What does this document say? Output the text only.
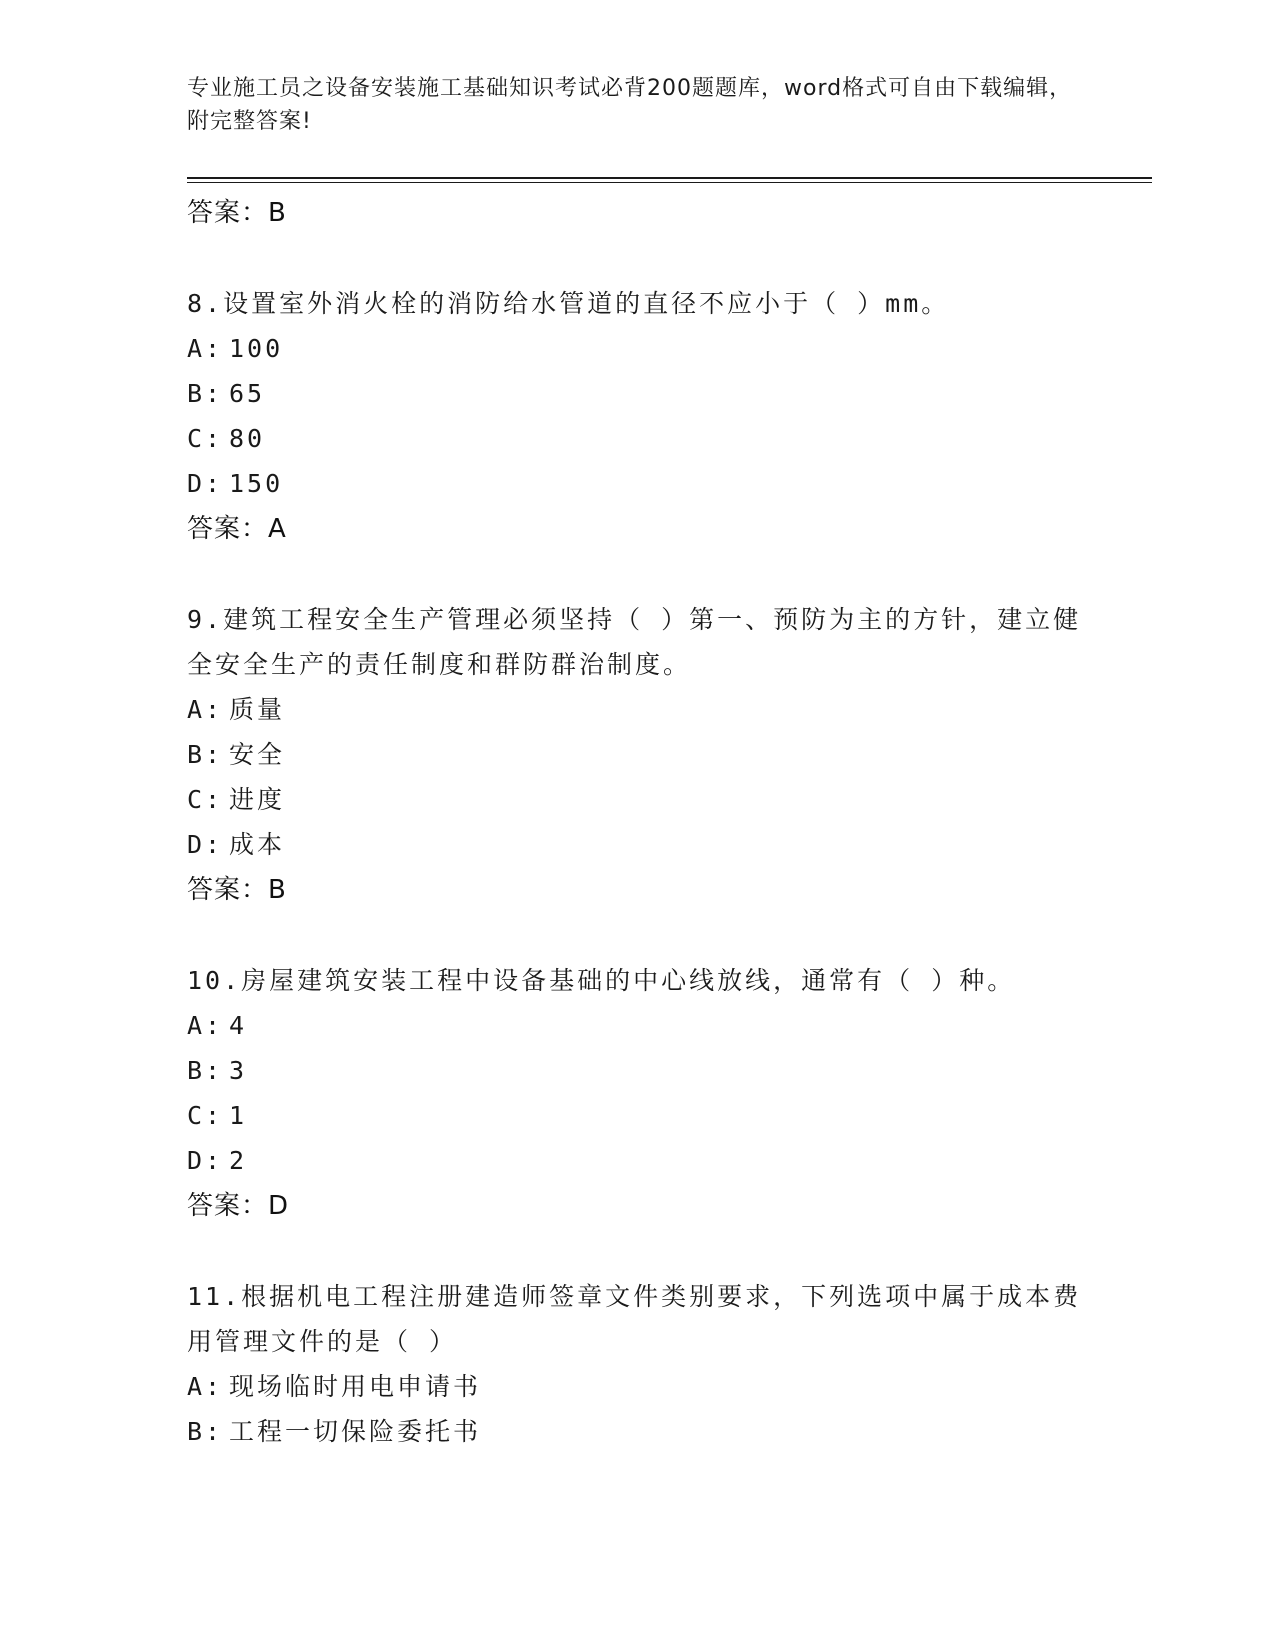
专业施工员之设备安装施工基础知识考试必背200题题库，word格式可自由下载编辑，附完整答案!
答案：B
8.设置室外消火栓的消防给水管道的直径不应小于（ ）mm。
A: 100
B: 65
C: 80
D: 150
答案：A
9.建筑工程安全生产管理必须坚持（ ）第一、预防为主的方针，建立健全安全生产的责任制度和群防群治制度。
A: 质量
B: 安全
C: 进度
D: 成本
答案：B
10.房屋建筑安装工程中设备基础的中心线放线，通常有（ ）种。
A: 4
B: 3
C: 1
D: 2
答案：D
11.根据机电工程注册建造师签章文件类别要求，下列选项中属于成本费用管理文件的是（ ）
A: 现场临时用电申请书
B: 工程一切保险委托书
